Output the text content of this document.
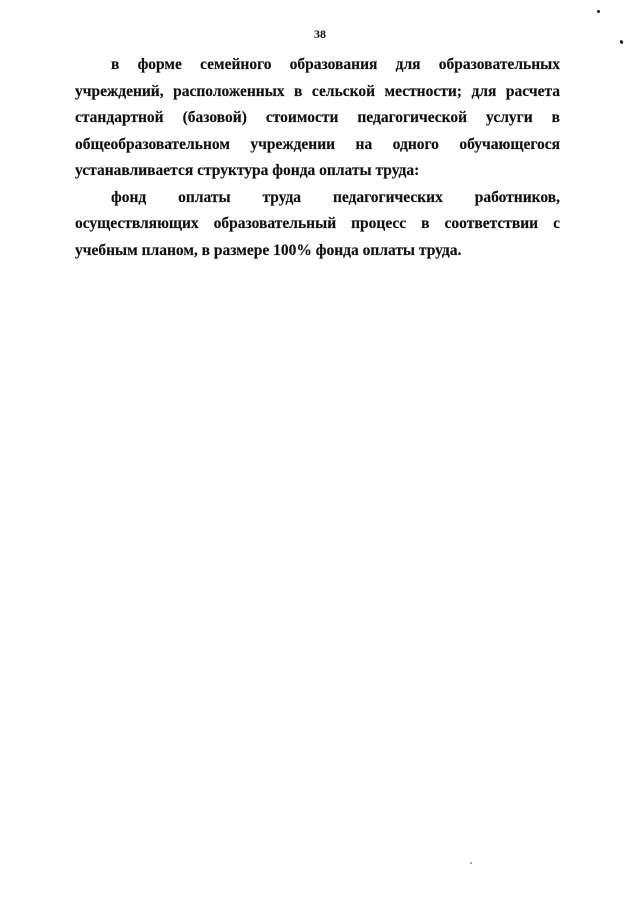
38

в форме семейного образования для образовательных учреждений, расположенных в сельской местности; для расчета стандартной (базовой) стоимости педагогической услуги в общеобразовательном учреждении на одного обучающегося устанавливается структура фонда оплаты труда:

фонд оплаты труда педагогических работников, осуществляющих образовательный процесс в соответствии с учебным планом, в размере 100% фонда оплаты труда.
